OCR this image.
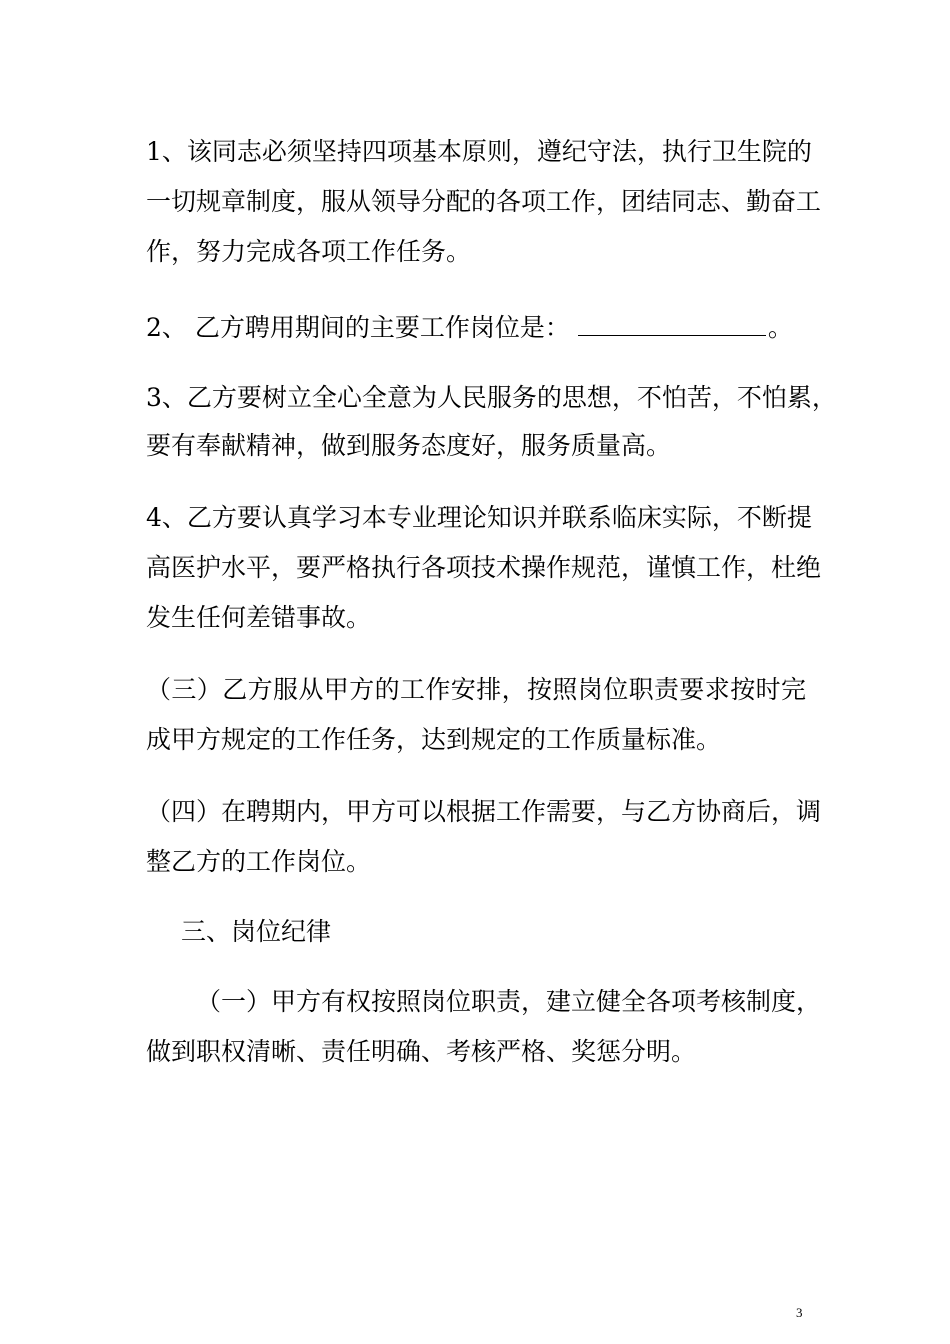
1、该同志必须坚持四项基本原则，遵纪守法，执行卫生院的
一切规章制度，服从领导分配的各项工作，团结同志、勤奋工
作，努力完成各项工作任务。
2、 乙方聘用期间的主要工作岗位是：	。
3、乙方要树立全心全意为人民服务的思想，不怕苦，不怕累，
要有奉献精神，做到服务态度好，服务质量高。
4、乙方要认真学习本专业理论知识并联系临床实际，不断提
高医护水平，要严格执行各项技术操作规范，谨慎工作，杜绝
发生任何差错事故。
（三）乙方服从甲方的工作安排，按照岗位职责要求按时完
成甲方规定的工作任务，达到规定的工作质量标准。
（四）在聘期内，甲方可以根据工作需要，与乙方协商后，调
整乙方的工作岗位。
三、岗位纪律
（一）甲方有权按照岗位职责，建立健全各项考核制度，
做到职权清晰、责任明确、考核严格、奖惩分明。
3
